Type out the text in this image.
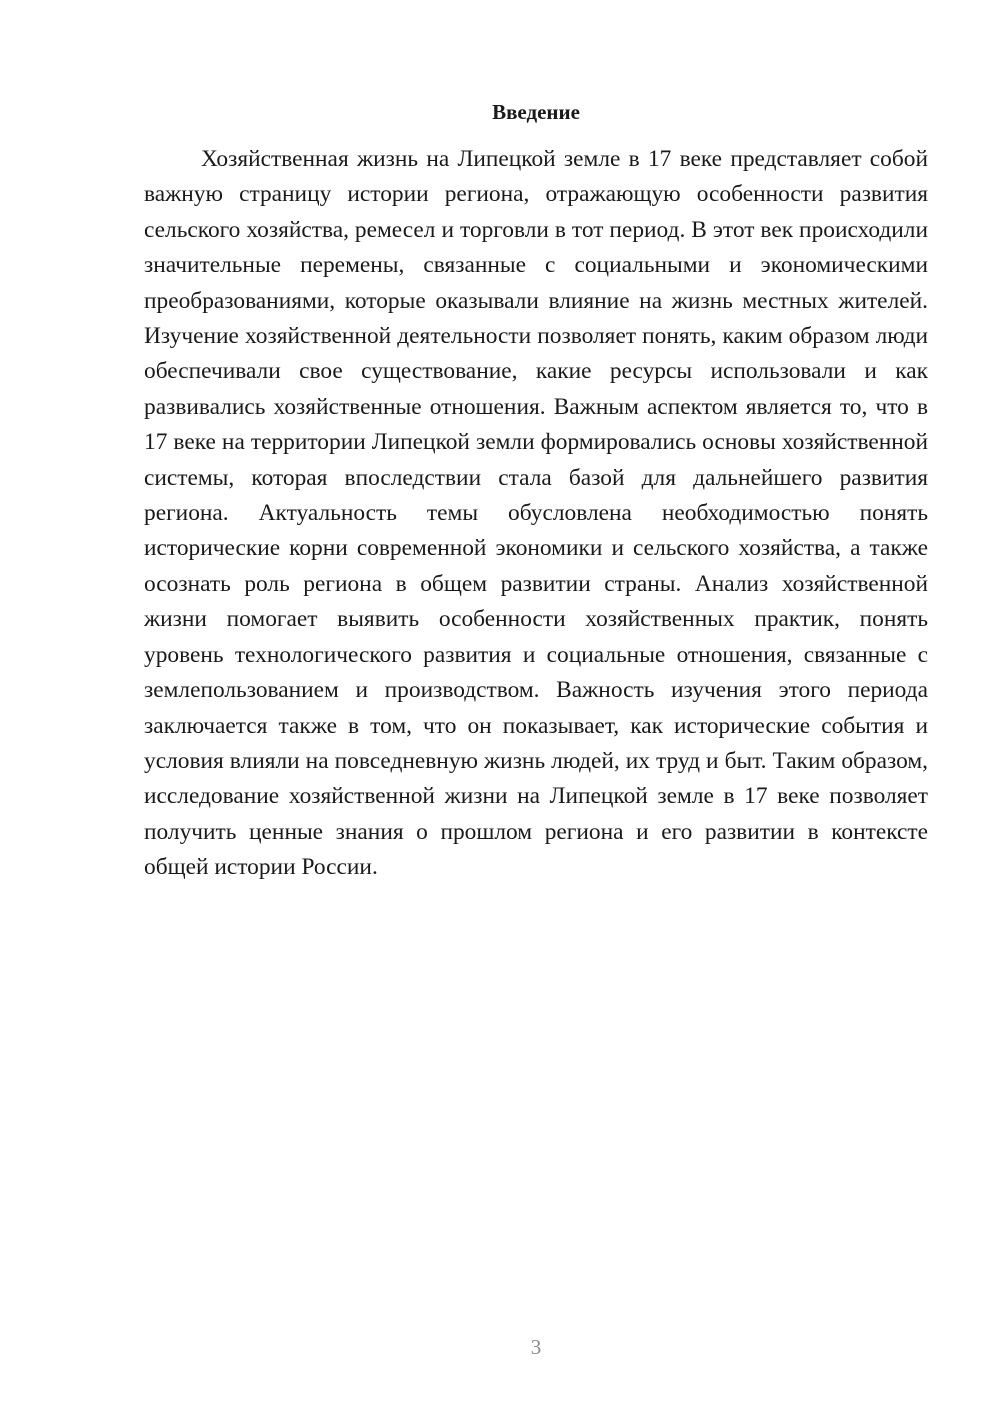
Введение

Хозяйственная жизнь на Липецкой земле в 17 веке представляет собой важную страницу истории региона, отражающую особенности развития сельского хозяйства, ремесел и торговли в тот период. В этот век происходили значительные перемены, связанные с социальными и экономическими преобразованиями, которые оказывали влияние на жизнь местных жителей. Изучение хозяйственной деятельности позволяет понять, каким образом люди обеспечивали свое существование, какие ресурсы использовали и как развивались хозяйственные отношения. Важным аспектом является то, что в 17 веке на территории Липецкой земли формировались основы хозяйственной системы, которая впоследствии стала базой для дальнейшего развития региона. Актуальность темы обусловлена необходимостью понять исторические корни современной экономики и сельского хозяйства, а также осознать роль региона в общем развитии страны. Анализ хозяйственной жизни помогает выявить особенности хозяйственных практик, понять уровень технологического развития и социальные отношения, связанные с землепользованием и производством. Важность изучения этого периода заключается также в том, что он показывает, как исторические события и условия влияли на повседневную жизнь людей, их труд и быт. Таким образом, исследование хозяйственной жизни на Липецкой земле в 17 веке позволяет получить ценные знания о прошлом региона и его развитии в контексте общей истории России.

3
